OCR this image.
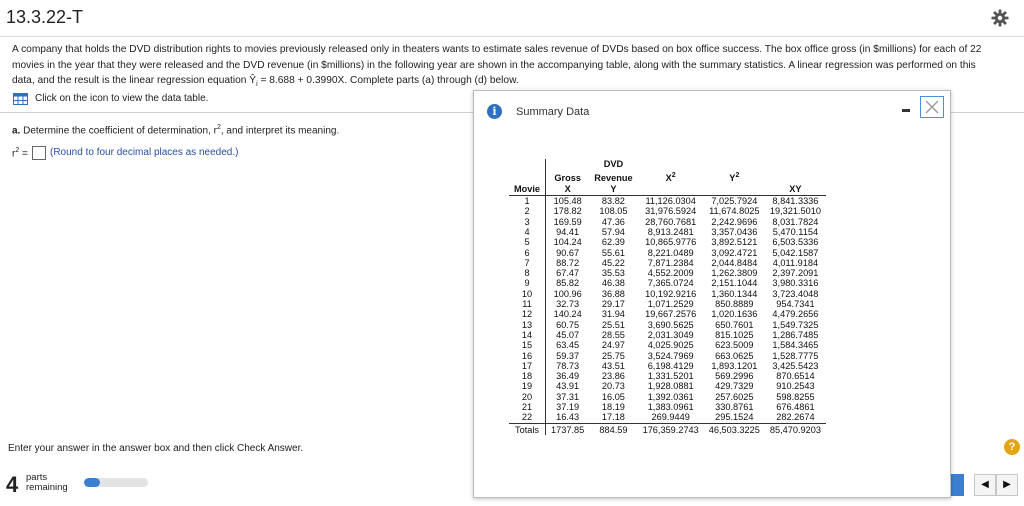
13.3.22-T
A company that holds the DVD distribution rights to movies previously released only in theaters wants to estimate sales revenue of DVDs based on box office success. The box office gross (in $millions) for each of 22
movies in the year that they were released and the DVD revenue (in $millions) in the following year are shown in the accompanying table, along with the summary statistics. A linear regression was performed on this
data, and the result is the linear regression equation $Ŷ_i = 8.688 + 0.3990X$. Complete parts (a) through (d) below.
Click on the icon to view the data table.
a. Determine the coefficient of determination, $r^2$, and interpret its meaning.
$r^2$ = (Round to four decimal places as needed.)
Enter your answer in the answer box and then click Check Answer.
4 parts
remaining
?
◀	▶
i	Summary Data
		DVD			
	Gross	Revenue	$X^2$	$Y^2$	
Movie	X	Y			XY
1	105.48	83.82	11,126.0304	7,025.7924	8,841.3336
2	178.82	108.05	31,976.5924	11,674.8025	19,321.5010
3	169.59	47.36	28,760.7681	2,242.9696	8,031.7824
4	94.41	57.94	8,913.2481	3,357.0436	5,470.1154
5	104.24	62.39	10,865.9776	3,892.5121	6,503.5336
6	90.67	55.61	8,221.0489	3,092.4721	5,042.1587
7	88.72	45.22	7,871.2384	2,044.8484	4,011.9184
8	67.47	35.53	4,552.2009	1,262.3809	2,397.2091
9	85.82	46.38	7,365.0724	2,151.1044	3,980.3316
10	100.96	36.88	10,192.9216	1,360.1344	3,723.4048
11	32.73	29.17	1,071.2529	850.8889	954.7341
12	140.24	31.94	19,667.2576	1,020.1636	4,479.2656
13	60.75	25.51	3,690.5625	650.7601	1,549.7325
14	45.07	28.55	2,031.3049	815.1025	1,286.7485
15	63.45	24.97	4,025.9025	623.5009	1,584.3465
16	59.37	25.75	3,524.7969	663.0625	1,528.7775
17	78.73	43.51	6,198.4129	1,893.1201	3,425.5423
18	36.49	23.86	1,331.5201	569.2996	870.6514
19	43.91	20.73	1,928.0881	429.7329	910.2543
20	37.31	16.05	1,392.0361	257.6025	598.8255
21	37.19	18.19	1,383.0961	330.8761	676.4861
22	16.43	17.18	269.9449	295.1524	282.2674
Totals	1737.85	884.59	176,359.2743	46,503.3225	85,470.9203
